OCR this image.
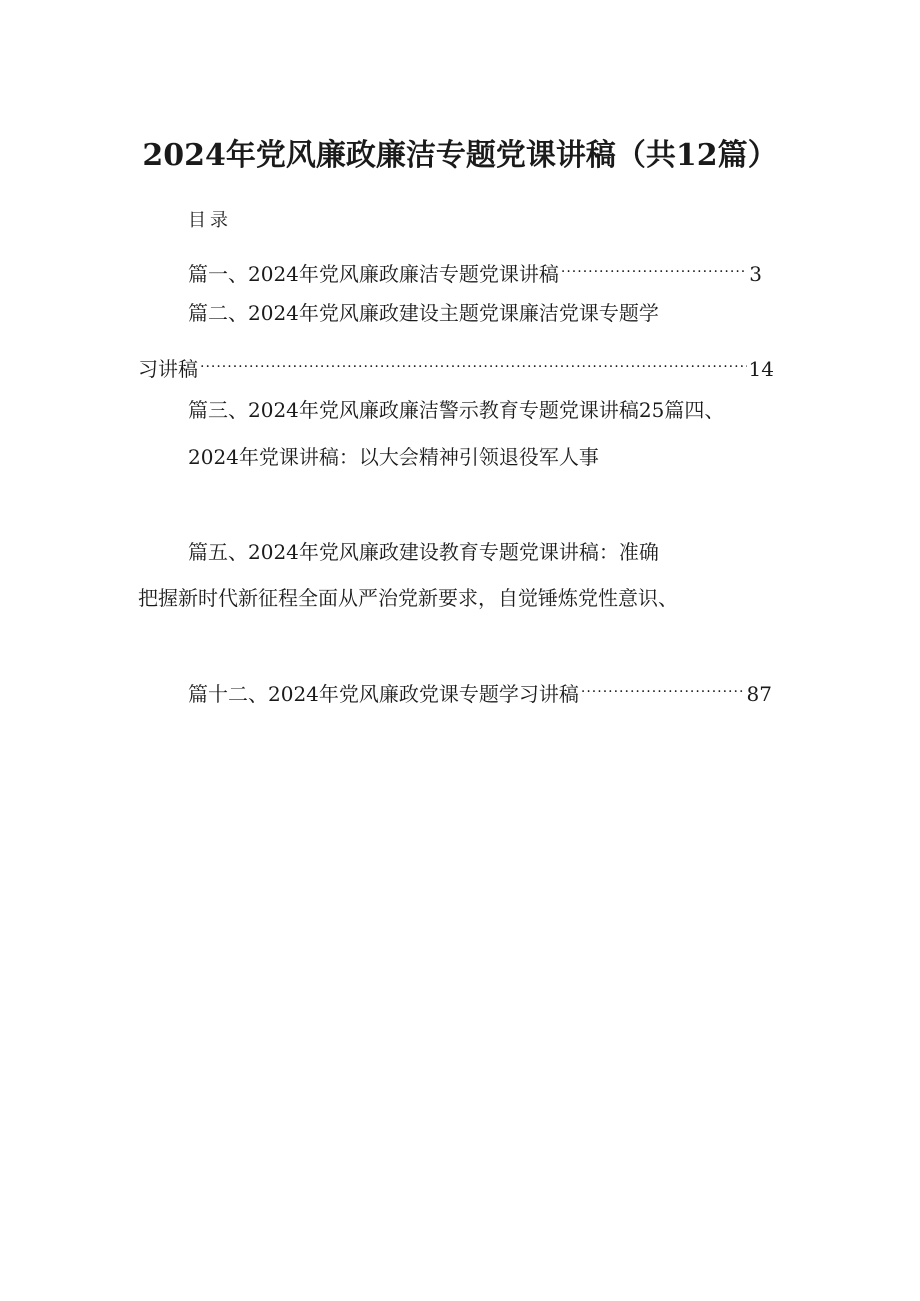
2024年党风廉政廉洁专题党课讲稿（共12篇）
目录
篇一、2024年党风廉政廉洁专题党课讲稿 .....	3
篇二、2024年党风廉政建设主题党课廉洁党课专题学
习讲稿 .....	14
篇三、2024年党风廉政廉洁警示教育专题党课讲稿25篇四、
2024年党课讲稿：以大会精神引领退役军人事
篇五、2024年党风廉政建设教育专题党课讲稿：准确
把握新时代新征程全面从严治党新要求，自觉锤炼党性意识、
篇十二、2024年党风廉政党课专题学习讲稿 .....	87
